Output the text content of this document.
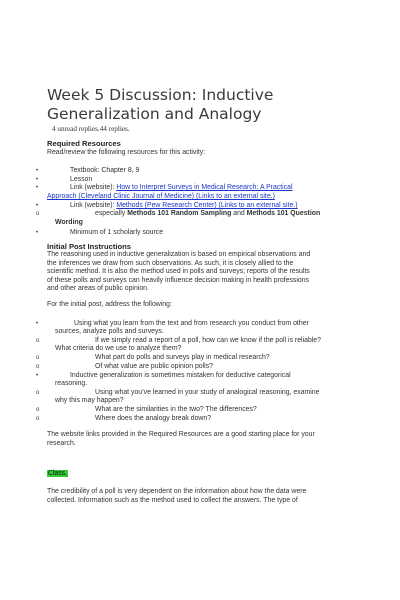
Week 5 Discussion: Inductive Generalization and Analogy
4 unread replies.44 replies.
Required Resources
Read/review the following resources for this activity:
•	Textbook: Chapter 8, 9
•	Lesson
•	Link (website): How to Interpret Surveys in Medical Research: A Practical
Approach (Cleveland Clinic Journal of Medicine) (Links to an external site.)
•	Link (website): Methods (Pew Research Center) (Links to an external site.)
o	especially Methods 101 Random Sampling and Methods 101 Question
Wording
•	Minimum of 1 scholarly source
Initial Post Instructions
The reasoning used in inductive generalization is based on empirical observations and
the inferences we draw from such observations. As such, it is closely allied to the
scientific method. It is also the method used in polls and surveys; reports of the results
of these polls and surveys can heavily influence decision making in health professions
and other areas of public opinion.
For the initial post, address the following:
•	Using what you learn from the text and from research you conduct from other
sources, analyze polls and surveys.
o	If we simply read a report of a poll, how can we know if the poll is reliable?
What criteria do we use to analyze them?
o	What part do polls and surveys play in medical research?
o	Of what value are public opinion polls?
•	Inductive generalization is sometimes mistaken for deductive categorical
reasoning.
o	Using what you’ve learned in your study of analogical reasoning, examine
why this may happen?
o	What are the similarities in the two? The differences?
o	Where does the analogy break down?
The website links provided in the Required Resources are a good starting place for your
research.
Class,
The credibility of a poll is very dependent on the information about how the data were
collected. Information such as the method used to collect the answers. The type of
